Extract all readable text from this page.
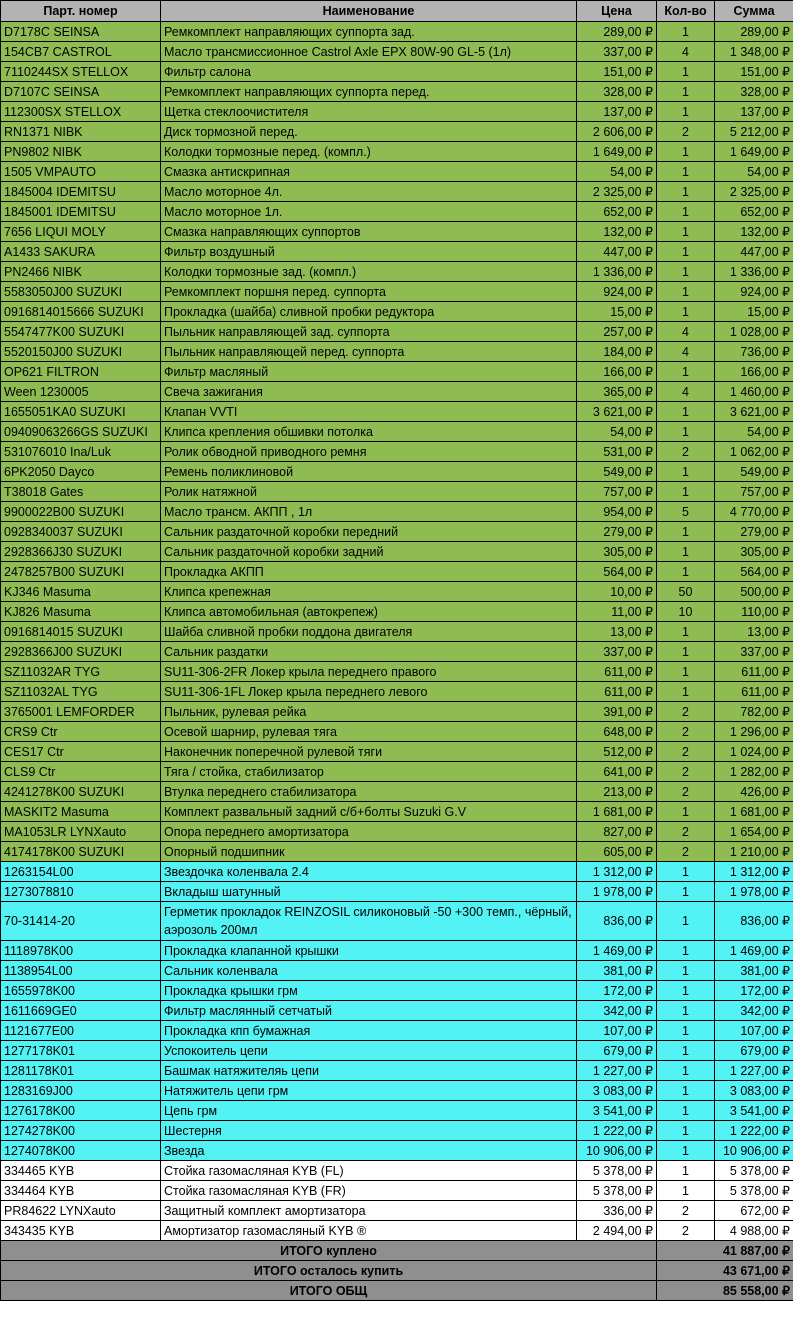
Парт. номер	Наименование	Цена	Кол-во	Сумма
D7178C SEINSA	Ремкомплект направляющих суппорта зад.	289,00 ₽	1	289,00 ₽
154CB7 CASTROL	Масло трансмиссионное Castrol Axle EPX 80W-90 GL-5 (1л)	337,00 ₽	4	1 348,00 ₽
7110244SX STELLOX	Фильтр салона	151,00 ₽	1	151,00 ₽
D7107C SEINSA	Ремкомплект направляющих суппорта перед.	328,00 ₽	1	328,00 ₽
112300SX STELLOX	Щетка стеклоочистителя	137,00 ₽	1	137,00 ₽
RN1371 NIBK	Диск тормозной перед.	2 606,00 ₽	2	5 212,00 ₽
PN9802 NIBK	Колодки тормозные перед. (компл.)	1 649,00 ₽	1	1 649,00 ₽
1505 VMPAUTO	Смазка антискрипная	54,00 ₽	1	54,00 ₽
1845004 IDEMITSU	Масло моторное 4л.	2 325,00 ₽	1	2 325,00 ₽
1845001 IDEMITSU	Масло моторное 1л.	652,00 ₽	1	652,00 ₽
7656 LIQUI MOLY	Смазка направляющих суппортов	132,00 ₽	1	132,00 ₽
A1433 SAKURA	Фильтр воздушный	447,00 ₽	1	447,00 ₽
PN2466 NIBK	Колодки тормозные зад. (компл.)	1 336,00 ₽	1	1 336,00 ₽
5583050J00 SUZUKI	Ремкомплект поршня перед. суппорта	924,00 ₽	1	924,00 ₽
0916814015666 SUZUKI	Прокладка (шайба) сливной пробки редуктора	15,00 ₽	1	15,00 ₽
5547477K00 SUZUKI	Пыльник направляющей зад. суппорта	257,00 ₽	4	1 028,00 ₽
5520150J00 SUZUKI	Пыльник направляющей перед. суппорта	184,00 ₽	4	736,00 ₽
OP621 FILTRON	Фильтр масляный	166,00 ₽	1	166,00 ₽
Ween 1230005	Свеча зажигания	365,00 ₽	4	1 460,00 ₽
1655051KA0 SUZUKI	Клапан VVTI	3 621,00 ₽	1	3 621,00 ₽
09409063266GS SUZUKI	Клипса крепления обшивки потолка	54,00 ₽	1	54,00 ₽
531076010 Ina/Luk	Ролик обводной приводного ремня	531,00 ₽	2	1 062,00 ₽
6PK2050 Dayco	Ремень поликлиновой	549,00 ₽	1	549,00 ₽
T38018 Gates	Ролик натяжной	757,00 ₽	1	757,00 ₽
9900022B00 SUZUKI	Масло трансм. АКПП , 1л	954,00 ₽	5	4 770,00 ₽
0928340037 SUZUKI	Сальник раздаточной коробки передний	279,00 ₽	1	279,00 ₽
2928366J30 SUZUKI	Сальник раздаточной коробки задний	305,00 ₽	1	305,00 ₽
2478257B00 SUZUKI	Прокладка АКПП	564,00 ₽	1	564,00 ₽
KJ346 Masuma	Клипса крепежная	10,00 ₽	50	500,00 ₽
KJ826 Masuma	Клипса автомобильная (автокрепеж)	11,00 ₽	10	110,00 ₽
0916814015 SUZUKI	Шайба сливной пробки поддона двигателя	13,00 ₽	1	13,00 ₽
2928366J00 SUZUKI	Сальник раздатки	337,00 ₽	1	337,00 ₽
SZ11032AR TYG	SU11-306-2FR Локер крыла переднего правого	611,00 ₽	1	611,00 ₽
SZ11032AL TYG	SU11-306-1FL Локер крыла переднего левого	611,00 ₽	1	611,00 ₽
3765001 LEMFORDER	Пыльник, рулевая рейка	391,00 ₽	2	782,00 ₽
CRS9 Ctr	Осевой шарнир, рулевая тяга	648,00 ₽	2	1 296,00 ₽
CES17 Ctr	Наконечник поперечной рулевой тяги	512,00 ₽	2	1 024,00 ₽
CLS9 Ctr	Тяга / стойка, стабилизатор	641,00 ₽	2	1 282,00 ₽
4241278K00 SUZUKI	Втулка переднего стабилизатора	213,00 ₽	2	426,00 ₽
MASKIT2 Masuma	Комплект развальный задний с/б+болты Suzuki G.V	1 681,00 ₽	1	1 681,00 ₽
MA1053LR LYNXauto	Опора переднего амортизатора	827,00 ₽	2	1 654,00 ₽
4174178K00 SUZUKI	Опорный подшипник	605,00 ₽	2	1 210,00 ₽
1263154L00	Звездочка коленвала 2.4	1 312,00 ₽	1	1 312,00 ₽
1273078810	Вкладыш шатунный	1 978,00 ₽	1	1 978,00 ₽
70-31414-20	Герметик прокладок REINZOSIL силиконовый -50 +300 темп., чёрный, аэрозоль 200мл	836,00 ₽	1	836,00 ₽
1118978K00	Прокладка клапанной крышки	1 469,00 ₽	1	1 469,00 ₽
1138954L00	Сальник коленвала	381,00 ₽	1	381,00 ₽
1655978K00	Прокладка крышки грм	172,00 ₽	1	172,00 ₽
1611669GE0	Фильтр маслянный сетчатый	342,00 ₽	1	342,00 ₽
1121677E00	Прокладка кпп бумажная	107,00 ₽	1	107,00 ₽
1277178K01	Успокоитель цепи	679,00 ₽	1	679,00 ₽
1281178K01	Башмак натяжителяь цепи	1 227,00 ₽	1	1 227,00 ₽
1283169J00	Натяжитель цепи грм	3 083,00 ₽	1	3 083,00 ₽
1276178K00	Цепь грм	3 541,00 ₽	1	3 541,00 ₽
1274278K00	Шестерня	1 222,00 ₽	1	1 222,00 ₽
1274078K00	Звезда	10 906,00 ₽	1	10 906,00 ₽
334465 KYB	Стойка газомасляная KYB (FL)	5 378,00 ₽	1	5 378,00 ₽
334464 KYB	Стойка газомасляная KYB (FR)	5 378,00 ₽	1	5 378,00 ₽
PR84622 LYNXauto	Защитный комплект амортизатора	336,00 ₽	2	672,00 ₽
343435 KYB	Амортизатор газомасляный KYB ®	2 494,00 ₽	2	4 988,00 ₽
ИТОГО куплено			41 887,00 ₽	
ИТОГО осталось купить			43 671,00 ₽	
ИТОГО ОБЩ			85 558,00 ₽	
